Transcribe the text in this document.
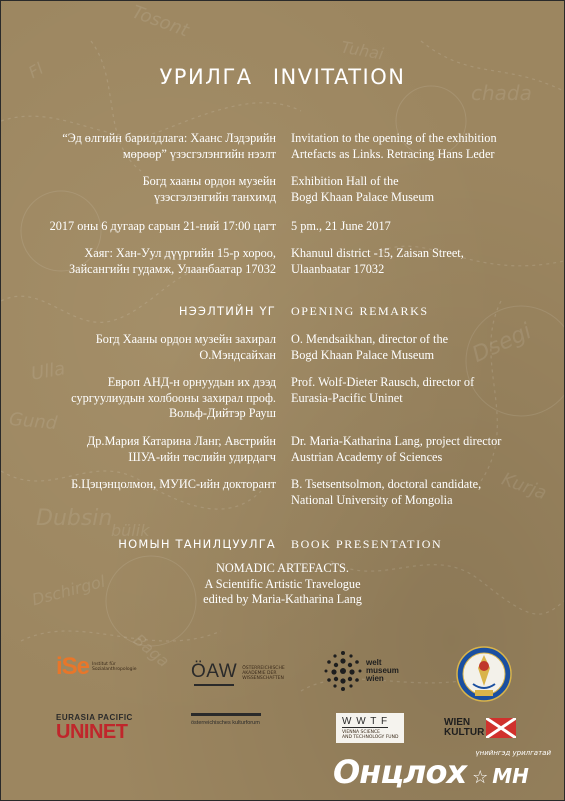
Fl
Tosont
Tuhai
chada
Ulla
Gund
Dsegi
Kurja
Dubsin
bülik
Dschirgol
Baga
УРИЛГА INVITATION
“Эд өлгийн барилдлага: Хаанс Лэдэрийн
мөрөөр” үзэсгэлэнгийн нээлт
Invitation to the opening of the exhibition
Artefacts as Links. Retracing Hans Leder
Богд хааны ордон музейн
үзэсгэлэнгийн танхимд
Exhibition Hall of the
Bogd Khaan Palace Museum
2017 оны 6 дугаар сарын 21-ний 17:00 цагт 5 pm., 21 June 2017
Хаяг: Хан-Уул дүүргийн 15-р хороо,
Зайсангийн гудамж, Улаанбаатар 17032
Khanuul district -15, Zaisan Street,
Ulaanbaatar 17032
НЭЭЛТИЙН ҮГ OPENING REMARKS
Богд Хааны ордон музейн захирал
О.Мэндсайхан
O. Mendsaikhan, director of the
Bogd Khaan Palace Museum
Европ АНД-н орнуудын их дээд
сургуулиудын холбооны захирал проф.
Вольф-Дийтэр Рауш
Prof. Wolf-Dieter Rausch, director of
Eurasia-Pacific Uninet
Др.Мария Катарина Ланг, Австрийн
ШУА-ийн төслийн удирдагч
Dr. Maria-Katharina Lang, project director
Austrian Academy of Sciences
Б.Цэцэнцолмон, МУИС-ийн докторант B. Tsetsentsolmon, doctoral candidate,
National University of Mongolia
НОМЫН ТАНИЛЦУУЛГА BOOK PRESENTATION
NOMADIC ARTEFACTS.
A Scientific Artistic Travelogue
edited by Maria-Katharina Lang
iSe Institut für
Sozialanthropologie	ÖAW ÖSTERREICHISCHE
AKADEMIE DER
WISSENSCHAFTEN
welt
museum
wien
EURASIA PACIFIC
UNINET	österreichisches kulturforum	W W T F
VIENNA SCIENCE
AND TECHNOLOGY FUND
WIEN
KULTUR
үнийнгэд урилгатай
Онцлох ☆ МН
